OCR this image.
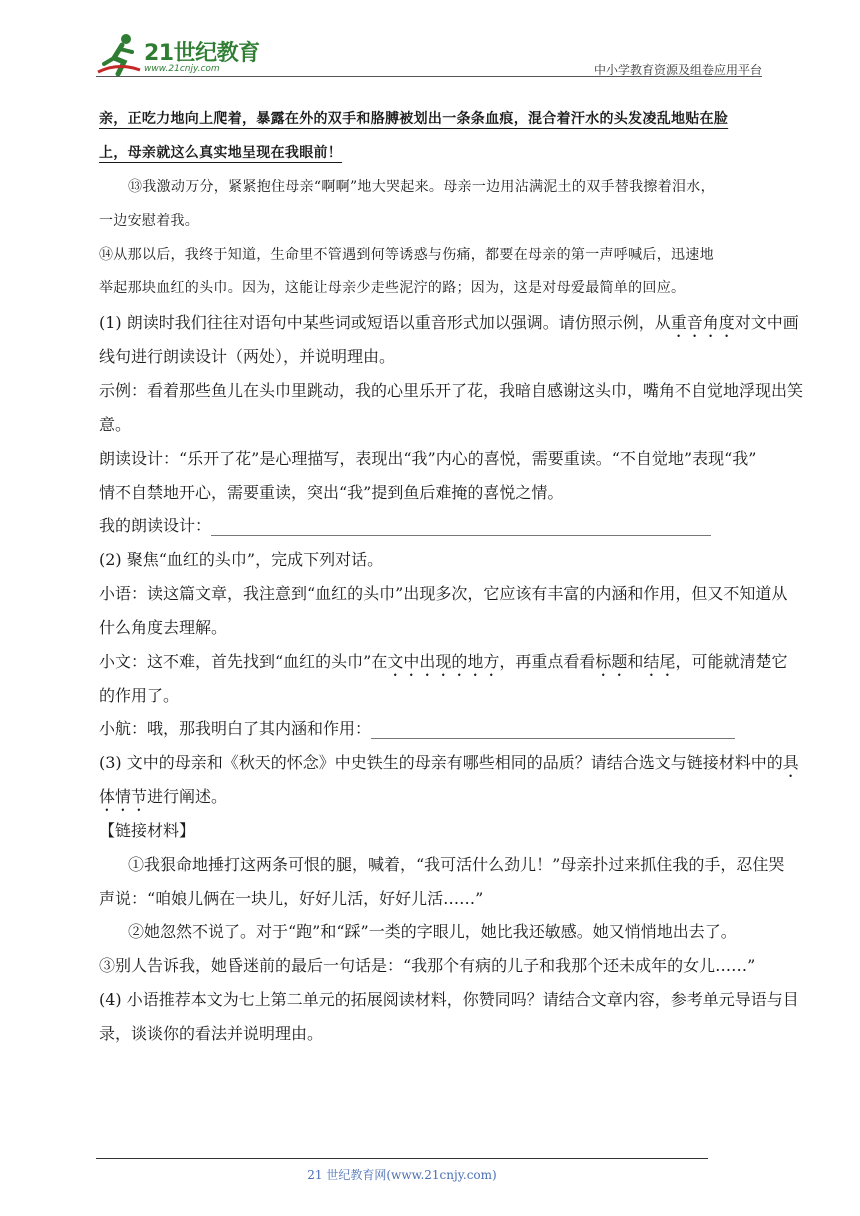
21世纪教育
www.21cnjy.com	中小学教育资源及组卷应用平台
亲，正吃力地向上爬着，暴露在外的双手和胳膊被划出一条条血痕，混合着汗水的头发凌乱地贴在脸
上，母亲就这么真实地呈现在我眼前！
⑬我激动万分，紧紧抱住母亲“啊啊”地大哭起来。母亲一边用沾满泥土的双手替我擦着泪水，
一边安慰着我。
⑭从那以后，我终于知道，生命里不管遇到何等诱惑与伤痛，都要在母亲的第一声呼喊后，迅速地
举起那块血红的头巾。因为，这能让母亲少走些泥泞的路；因为，这是对母爱最简单的回应。
(1) 朗读时我们往往对语句中某些词或短语以重音形式加以强调。请仿照示例，从重音角度对文中画
线句进行朗读设计（两处），并说明理由。
示例：看着那些鱼儿在头巾里跳动，我的心里乐开了花，我暗自感谢这头巾，嘴角不自觉地浮现出笑
意。
朗读设计：“乐开了花”是心理描写，表现出“我”内心的喜悦，需要重读。“不自觉地”表现“我”
情不自禁地开心，需要重读，突出“我”提到鱼后难掩的喜悦之情。
我的朗读设计：
(2) 聚焦“血红的头巾”，完成下列对话。
小语：读这篇文章，我注意到“血红的头巾”出现多次，它应该有丰富的内涵和作用，但又不知道从
什么角度去理解。
小文：这不难，首先找到“血红的头巾”在文中出现的地方，再重点看看标题和结尾，可能就清楚它
的作用了。
小航：哦，那我明白了其内涵和作用：
(3) 文中的母亲和《秋天的怀念》中史铁生的母亲有哪些相同的品质？请结合选文与链接材料中的具
体情节进行阐述。
【链接材料】
①我狠命地捶打这两条可恨的腿，喊着，“我可活什么劲儿！”母亲扑过来抓住我的手，忍住哭
声说：“咱娘儿俩在一块儿，好好儿活，好好儿活……”
②她忽然不说了。对于“跑”和“踩”一类的字眼儿，她比我还敏感。她又悄悄地出去了。
③别人告诉我，她昏迷前的最后一句话是：“我那个有病的儿子和我那个还未成年的女儿……”
(4) 小语推荐本文为七上第二单元的拓展阅读材料，你赞同吗？请结合文章内容，参考单元导语与目
录，谈谈你的看法并说明理由。
21 世纪教育网(www.21cnjy.com)
